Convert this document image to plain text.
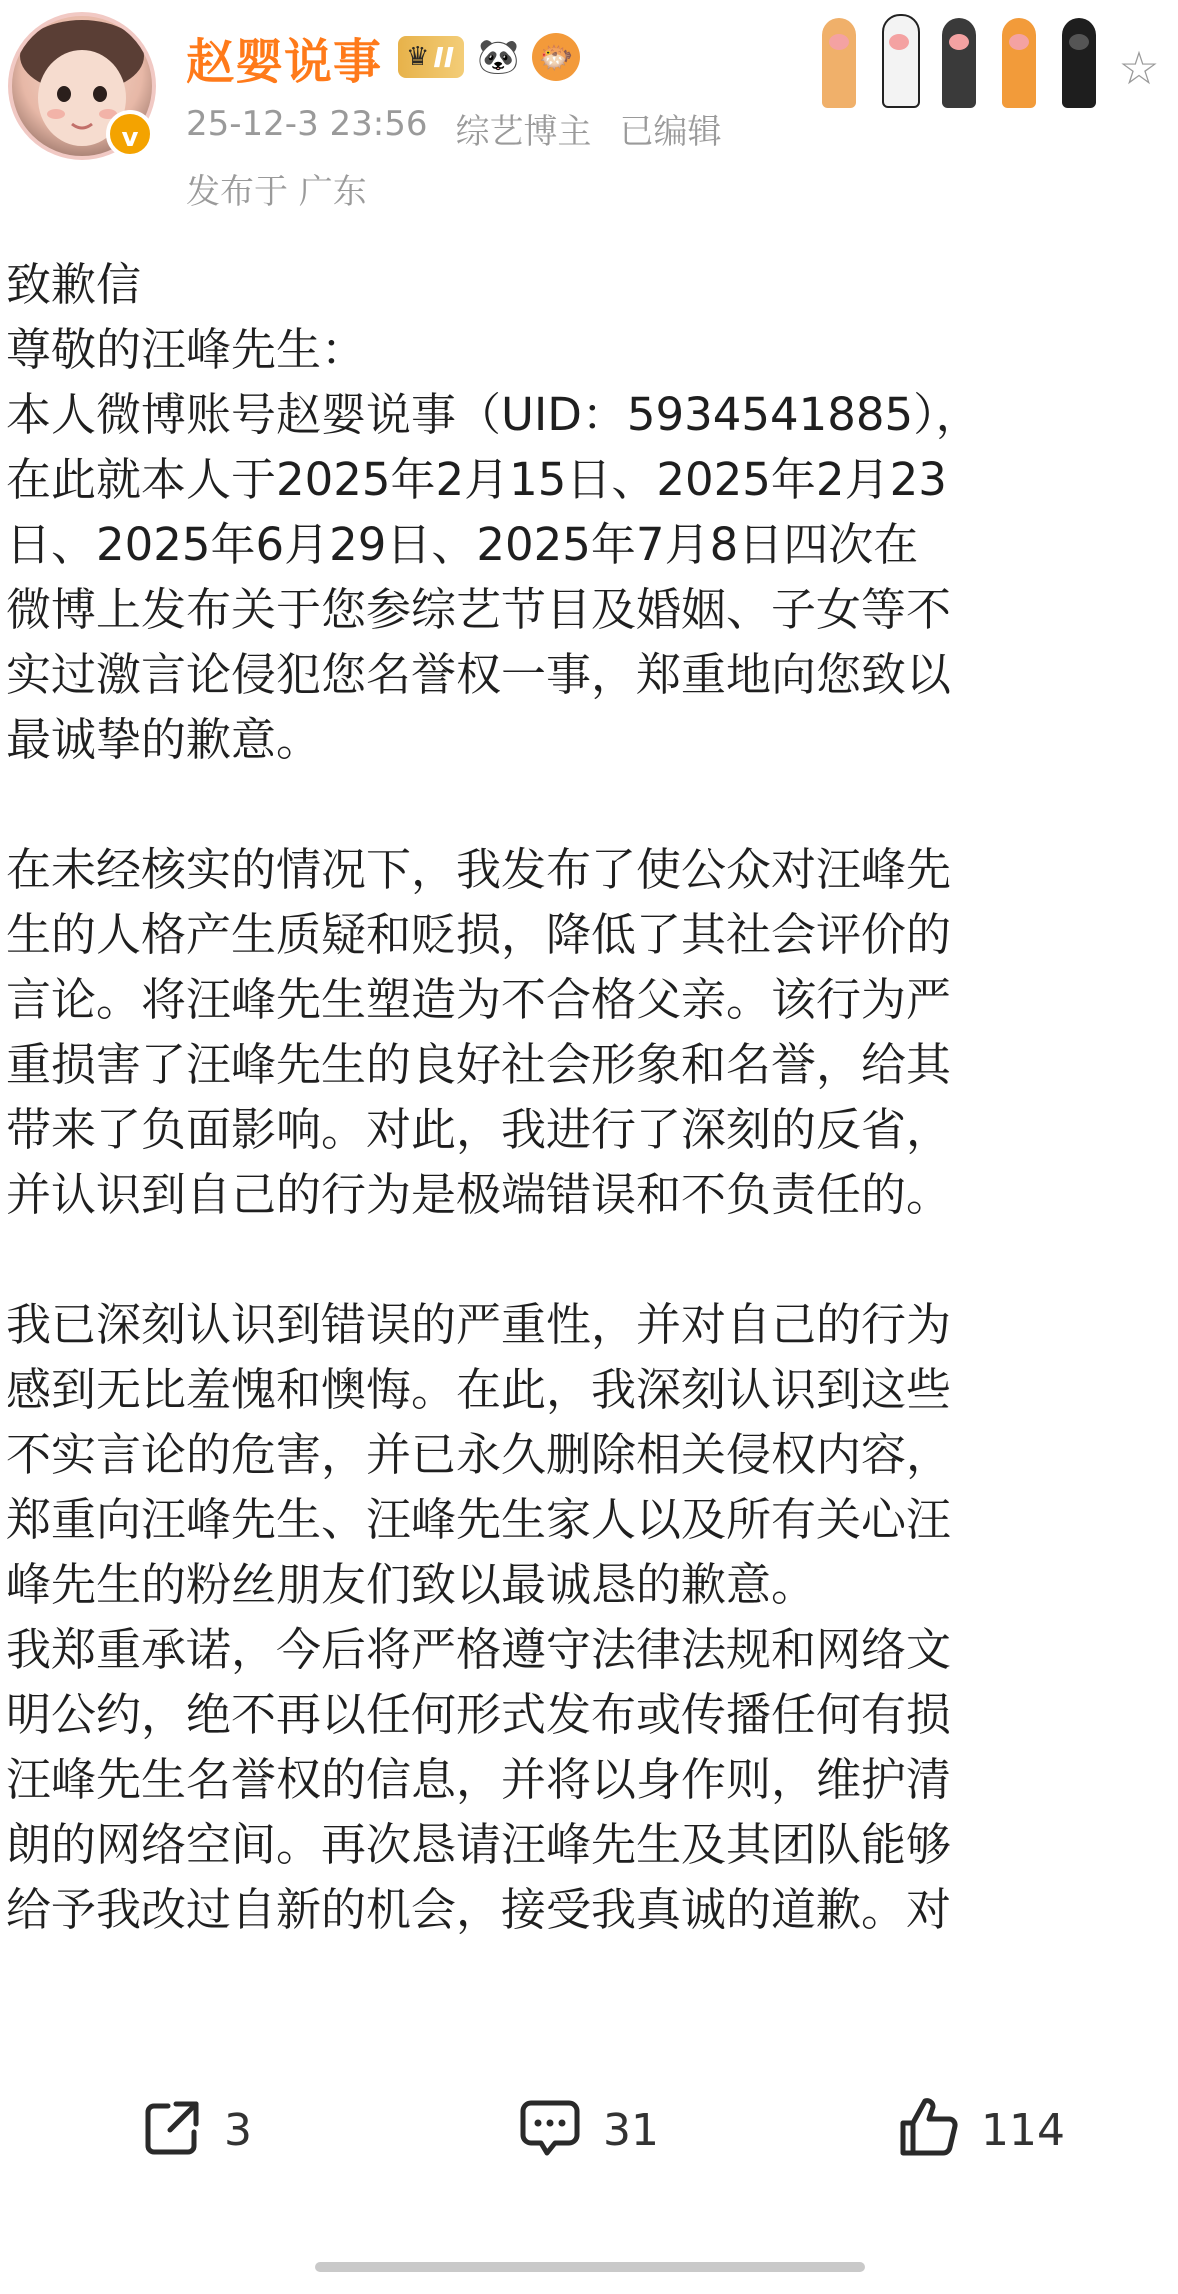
v
赵婴说事 ♛ II 🐼 🐡	☆
25-12-3 23:56 综艺博主 已编辑
发布于 广东
致歉信
尊敬的汪峰先生：
本人微博账号赵婴说事（UID：5934541885），
在此就本人于2025年2月15日、2025年2月23
日、2025年6月29日、2025年7月8日四次在
微博上发布关于您参综艺节目及婚姻、子女等不
实过激言论侵犯您名誉权一事，郑重地向您致以
最诚挚的歉意。
在未经核实的情况下，我发布了使公众对汪峰先
生的人格产生质疑和贬损，降低了其社会评价的
言论。将汪峰先生塑造为不合格父亲。该行为严
重损害了汪峰先生的良好社会形象和名誉，给其
带来了负面影响。对此，我进行了深刻的反省，
并认识到自己的行为是极端错误和不负责任的。
我已深刻认识到错误的严重性，并对自己的行为
感到无比羞愧和懊悔。在此，我深刻认识到这些
不实言论的危害，并已永久删除相关侵权内容，
郑重向汪峰先生、汪峰先生家人以及所有关心汪
峰先生的粉丝朋友们致以最诚恳的歉意。
我郑重承诺，今后将严格遵守法律法规和网络文
明公约，绝不再以任何形式发布或传播任何有损
汪峰先生名誉权的信息，并将以身作则，维护清
朗的网络空间。再次恳请汪峰先生及其团队能够
给予我改过自新的机会，接受我真诚的道歉。对
3	31	114
